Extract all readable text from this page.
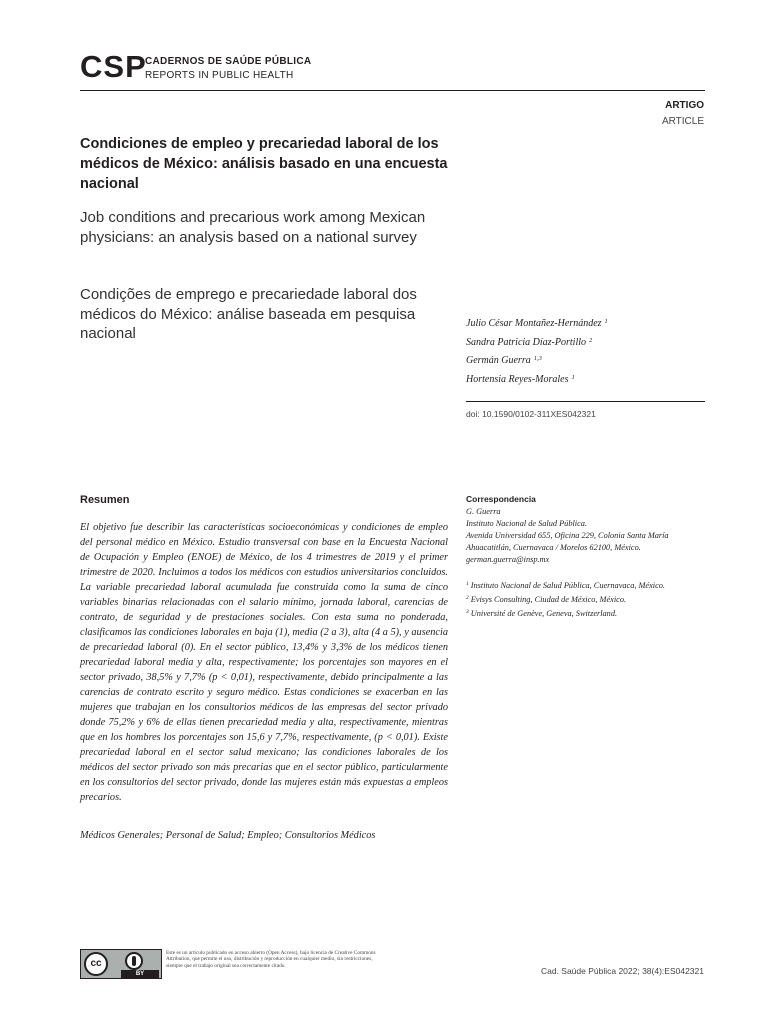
CSP
CADERNOS DE SAÚDE PÚBLICA
REPORTS IN PUBLIC HEALTH
ARTIGO
ARTICLE
Condiciones de empleo y precariedad laboral de los médicos de México: análisis basado en una encuesta nacional
Job conditions and precarious work among Mexican physicians: an analysis based on a national survey
Condições de emprego e precariedade laboral dos médicos do México: análise baseada em pesquisa nacional
Julio César Montañez-Hernández $^1$
Sandra Patricia Díaz-Portillo $^2$
Germán Guerra $^{1,3}$
Hortensia Reyes-Morales $^1$
doi: 10.1590/0102-311XES042321
Resumen
El objetivo fue describir las características socioeconómicas y condiciones de empleo del personal médico en México. Estudio transversal con base en la Encuesta Nacional de Ocupación y Empleo (ENOE) de México, de los 4 trimestres de 2019 y el primer trimestre de 2020. Incluimos a todos los médicos con estudios universitarios concluidos. La variable precariedad laboral acumulada fue construida como la suma de cinco variables binarias relacionadas con el salario mínimo, jornada laboral, carencias de contrato, de seguridad y de prestaciones sociales. Con esta suma no ponderada, clasificamos las condiciones laborales en baja (1), media (2 a 3), alta (4 a 5), y ausencia de precariedad laboral (0). En el sector público, 13,4% y 3,3% de los médicos tienen precariedad laboral media y alta, respectivamente; los porcentajes son mayores en el sector privado, 38,5% y 7,7% (p < 0,01), respectivamente, debido principalmente a las carencias de contrato escrito y seguro médico. Estas condiciones se exacerban en las mujeres que trabajan en los consultorios médicos de las empresas del sector privado donde 75,2% y 6% de ellas tienen precariedad media y alta, respectivamente, mientras que en los hombres los porcentajes son 15,6 y 7,7%, respectivamente, (p < 0,01). Existe precariedad laboral en el sector salud mexicano; las condiciones laborales de los médicos del sector privado son más precarias que en el sector público, particularmente en los consultorios del sector privado, donde las mujeres están más expuestas a empleos precarios.
Médicos Generales; Personal de Salud; Empleo; Consultorios Médicos
Correspondencia
G. Guerra
Instituto Nacional de Salud Pública.
Avenida Universidad 655, Oficina 229, Colonia Santa María
Ahuacatitlán, Cuernavaca / Morelos 62100, México.
german.guerra@insp.mx
$^1$ Instituto Nacional de Salud Pública, Cuernavaca, México.
$^2$ Evisys Consulting, Ciudad de México, México.
$^3$ Université de Genève, Geneva, Switzerland.
cc
BY
Este es un artículo publicado en acceso abierto (Open Access), bajo licencia de Creative Commons Attribution, que permite el uso, distribución y reproducción en cualquier medio, sin restricciones, siempre que el trabajo original sea correctamente citado.
Cad. Saúde Pública 2022; 38(4):ES042321
